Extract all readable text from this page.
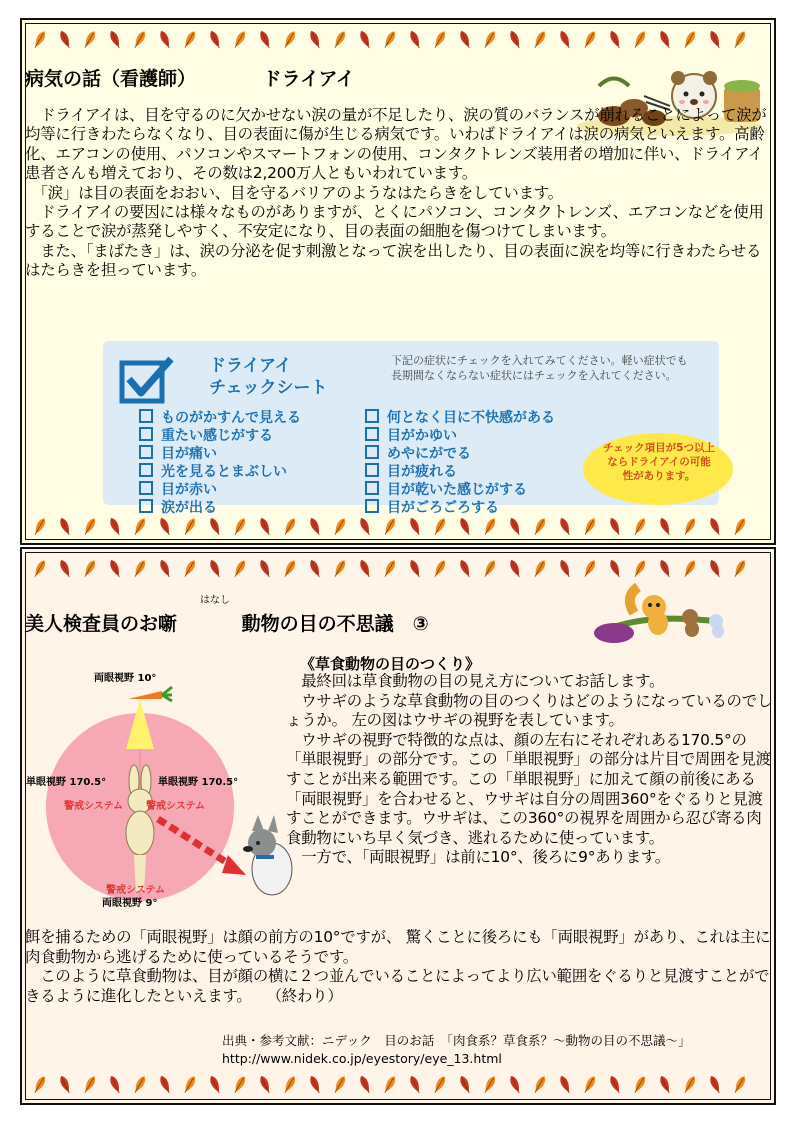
病気の話（看護師）	ドライアイ

　ドライアイは、目を守るのに欠かせない涙の量が不足したり、涙の質のバランスが崩れることによって涙が均等に行きわたらなくなり、目の表面に傷が生じる病気です。いわばドライアイは涙の病気といえます。高齢化、エアコンの使用、パソコンやスマートフォンの使用、コンタクトレンズ装用者の増加に伴い、ドライアイ患者さんも増えており、その数は2,200万人ともいわれています。

　「涙」は目の表面をおおい、目を守るバリアのようなはたらきをしています。

　ドライアイの要因には様々なものがありますが、とくにパソコン、コンタクトレンズ、エアコンなどを使用することで涙が蒸発しやすく、不安定になり、目の表面の細胞を傷つけてしまいます。

　また、「まばたき」は、涙の分泌を促す刺激となって涙を出したり、目の表面に涙を均等に行きわたらせるはたらきを担っています。

ドライアイ
チェックシート
下記の症状にチェックを入れてみてください。軽い症状でも長期間なくならない症状にはチェックを入れてください。
ものがかすんで見える
重たい感じがする
目が痛い
光を見るとまぶしい
目が赤い
涙が出る
何となく目に不快感がある
目がかゆい
めやにがでる
目が疲れる
目が乾いた感じがする
目がごろごろする
チェック項目が5つ以上ならドライアイの可能性があります。
はなし
美人検査員のお噺	動物の目の不思議　③
両眼視野 10°
単眼視野 170.5°	単眼視野 170.5°
警戒システム 警戒システム
警戒システム
両眼視野 9°
《草食動物の目のつくり》

　最終回は草食動物の目の見え方についてお話します。

　ウサギのような草食動物の目のつくりはどのようになっているのでしょうか。 左の図はウサギの視野を表しています。

　ウサギの視野で特徴的な点は、顔の左右にそれぞれある170.5°の「単眼視野」の部分です。この「単眼視野」の部分は片目で周囲を見渡すことが出来る範囲です。この「単眼視野」に加えて顔の前後にある「両眼視野」を合わせると、ウサギは自分の周囲360°をぐるりと見渡すことができます。ウサギは、この360°の視界を周囲から忍び寄る肉食動物にいち早く気づき、逃れるために使っています。

　一方で、「両眼視野」は前に10°、後ろに9°あります。

餌を捕るための「両眼視野」は顔の前方の10°ですが、 驚くことに後ろにも「両眼視野」があり、これは主に肉食動物から逃げるために使っているそうです。

　このように草食動物は、目が顔の横に２つ並んでいることによってより広い範囲をぐるりと見渡すことができるように進化したといえます。　　（終わり）

出典・参考文献：ニデック　目のお話　「肉食系？草食系？～動物の目の不思議～」
http://www.nidek.co.jp/eyestory/eye_13.html
